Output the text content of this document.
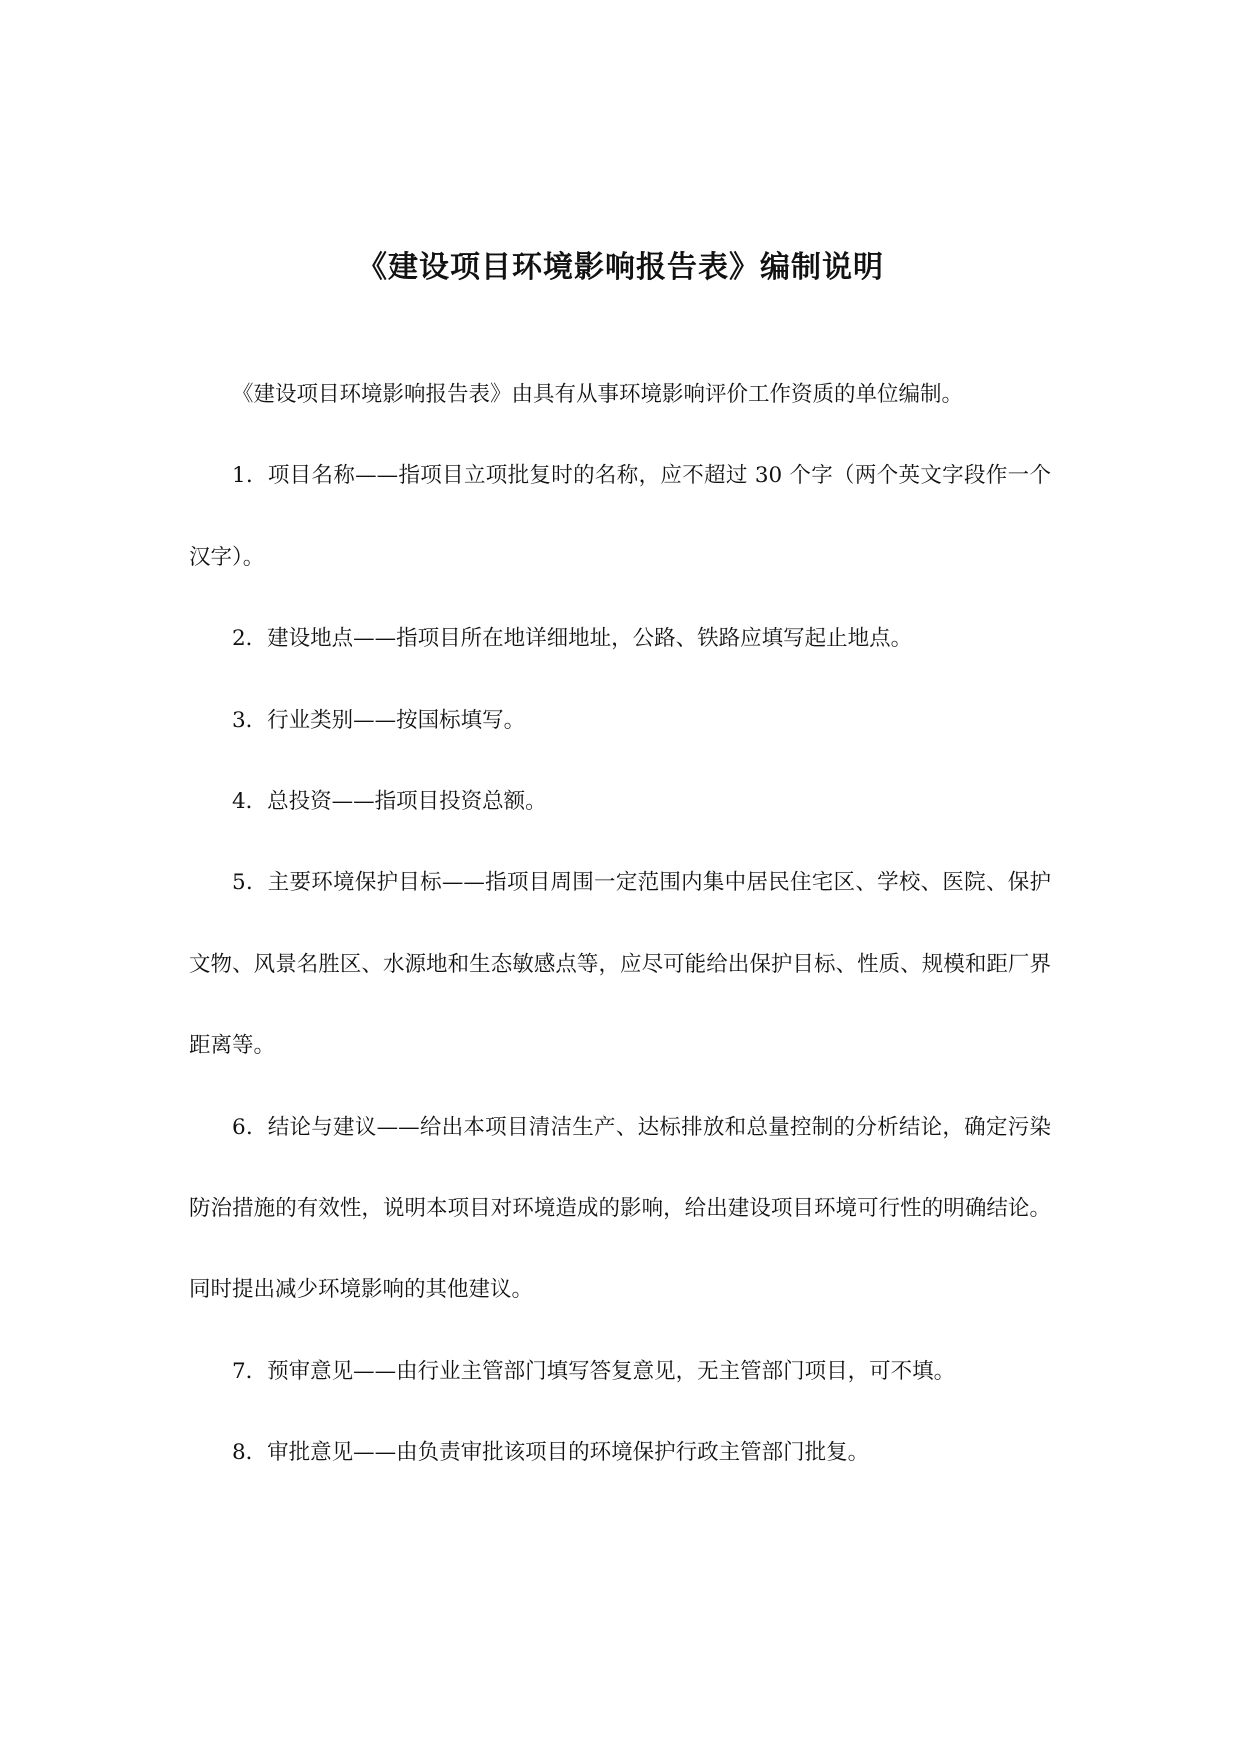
《建设项目环境影响报告表》编制说明

《建设项目环境影响报告表》由具有从事环境影响评价工作资质的单位编制。

1．项目名称——指项目立项批复时的名称，应不超过 30 个字（两个英文字段作一个汉字）。

2．建设地点——指项目所在地详细地址，公路、铁路应填写起止地点。

3．行业类别——按国标填写。

4．总投资——指项目投资总额。

5．主要环境保护目标——指项目周围一定范围内集中居民住宅区、学校、医院、保护文物、风景名胜区、水源地和生态敏感点等，应尽可能给出保护目标、性质、规模和距厂界距离等。

6．结论与建议——给出本项目清洁生产、达标排放和总量控制的分析结论，确定污染防治措施的有效性，说明本项目对环境造成的影响，给出建设项目环境可行性的明确结论。同时提出减少环境影响的其他建议。

7．预审意见——由行业主管部门填写答复意见，无主管部门项目，可不填。

8．审批意见——由负责审批该项目的环境保护行政主管部门批复。
